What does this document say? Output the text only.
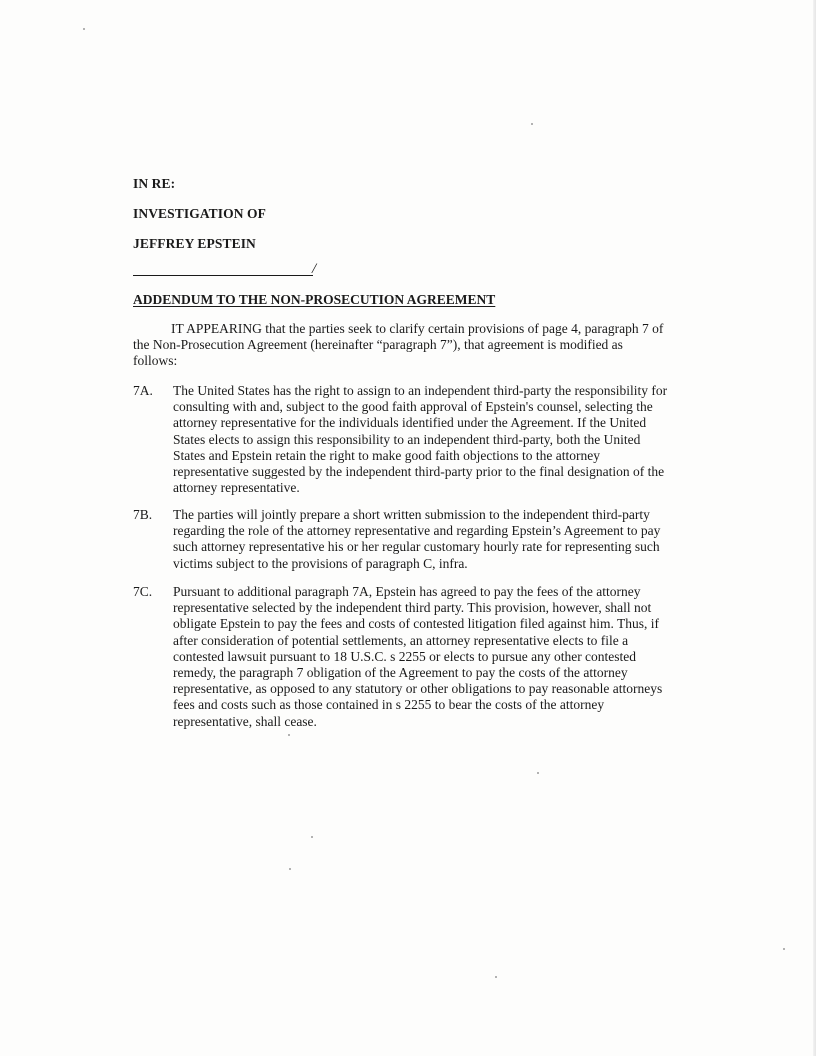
IN RE:
INVESTIGATION OF
JEFFREY EPSTEIN
/
ADDENDUM TO THE NON-PROSECUTION AGREEMENT
IT APPEARING that the parties seek to clarify certain provisions of page 4, paragraph 7 of the Non-Prosecution Agreement (hereinafter “paragraph 7”), that agreement is modified as follows:
7A. The United States has the right to assign to an independent third-party the responsibility for consulting with and, subject to the good faith approval of Epstein's counsel, selecting the attorney representative for the individuals identified under the Agreement. If the United States elects to assign this responsibility to an independent third-party, both the United States and Epstein retain the right to make good faith objections to the attorney representative suggested by the independent third-party prior to the final designation of the attorney representative.
7B. The parties will jointly prepare a short written submission to the independent third-party regarding the role of the attorney representative and regarding Epstein’s Agreement to pay such attorney representative his or her regular customary hourly rate for representing such victims subject to the provisions of paragraph C, infra.
7C. Pursuant to additional paragraph 7A, Epstein has agreed to pay the fees of the attorney representative selected by the independent third party. This provision, however, shall not obligate Epstein to pay the fees and costs of contested litigation filed against him. Thus, if after consideration of potential settlements, an attorney representative elects to file a contested lawsuit pursuant to 18 U.S.C. s 2255 or elects to pursue any other contested remedy, the paragraph 7 obligation of the Agreement to pay the costs of the attorney representative, as opposed to any statutory or other obligations to pay reasonable attorneys fees and costs such as those contained in s 2255 to bear the costs of the attorney representative, shall cease.
